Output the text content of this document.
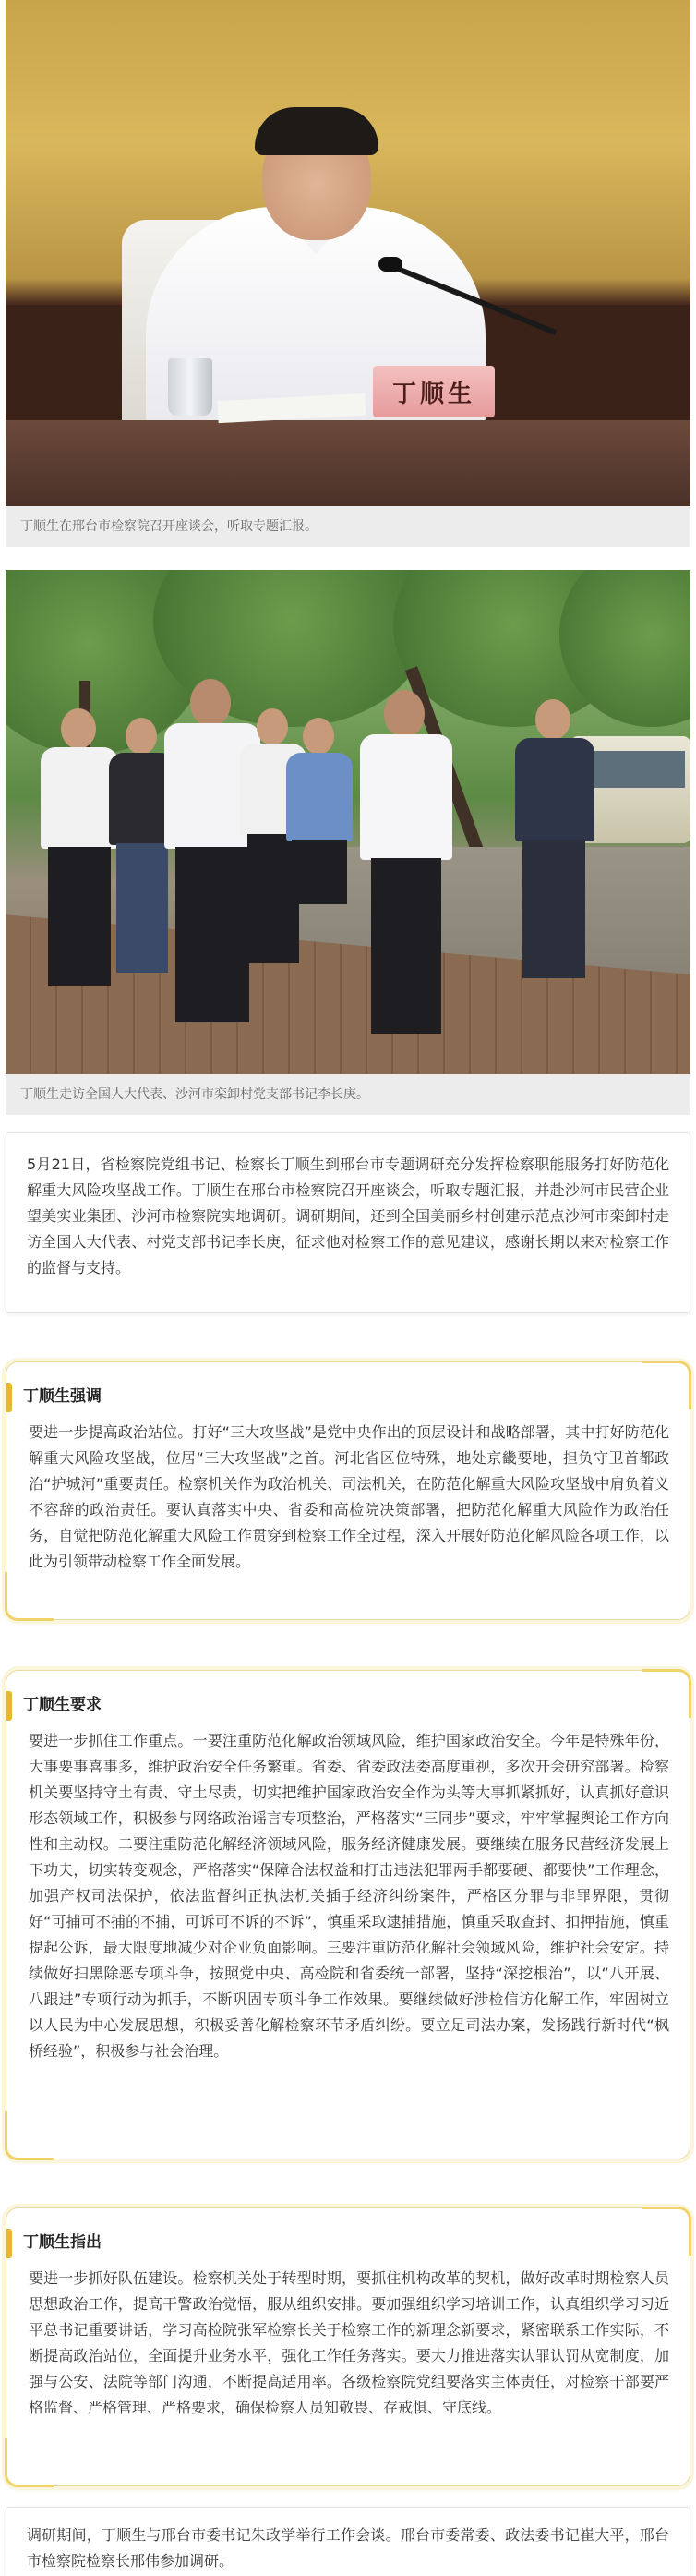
丁顺生
丁顺生在邢台市检察院召开座谈会，听取专题汇报。
丁顺生走访全国人大代表、沙河市栾卸村党支部书记李长庚。
5月21日，省检察院党组书记、检察长丁顺生到邢台市专题调研充分发挥检察职能服务打好防范化解重大风险攻坚战工作。丁顺生在邢台市检察院召开座谈会，听取专题汇报，并赴沙河市民营企业望美实业集团、沙河市检察院实地调研。调研期间，还到全国美丽乡村创建示范点沙河市栾卸村走访全国人大代表、村党支部书记李长庚，征求他对检察工作的意见建议，感谢长期以来对检察工作的监督与支持。
丁顺生强调
要进一步提高政治站位。打好“三大攻坚战”是党中央作出的顶层设计和战略部署，其中打好防范化解重大风险攻坚战，位居“三大攻坚战”之首。河北省区位特殊，地处京畿要地，担负守卫首都政治“护城河”重要责任。检察机关作为政治机关、司法机关，在防范化解重大风险攻坚战中肩负着义不容辞的政治责任。要认真落实中央、省委和高检院决策部署，把防范化解重大风险作为政治任务，自觉把防范化解重大风险工作贯穿到检察工作全过程，深入开展好防范化解风险各项工作，以此为引领带动检察工作全面发展。
丁顺生要求
要进一步抓住工作重点。一要注重防范化解政治领域风险，维护国家政治安全。今年是特殊年份，大事要事喜事多，维护政治安全任务繁重。省委、省委政法委高度重视，多次开会研究部署。检察机关要坚持守土有责、守土尽责，切实把维护国家政治安全作为头等大事抓紧抓好，认真抓好意识形态领域工作，积极参与网络政治谣言专项整治，严格落实“三同步”要求，牢牢掌握舆论工作方向性和主动权。二要注重防范化解经济领域风险，服务经济健康发展。要继续在服务民营经济发展上下功夫，切实转变观念，严格落实“保障合法权益和打击违法犯罪两手都要硬、都要快”工作理念，加强产权司法保护，依法监督纠正执法机关插手经济纠纷案件，严格区分罪与非罪界限，贯彻好“可捕可不捕的不捕，可诉可不诉的不诉”，慎重采取逮捕措施，慎重采取查封、扣押措施，慎重提起公诉，最大限度地减少对企业负面影响。三要注重防范化解社会领域风险，维护社会安定。持续做好扫黑除恶专项斗争，按照党中央、高检院和省委统一部署，坚持“深挖根治”，以“八开展、八跟进”专项行动为抓手，不断巩固专项斗争工作效果。要继续做好涉检信访化解工作，牢固树立以人民为中心发展思想，积极妥善化解检察环节矛盾纠纷。要立足司法办案，发扬践行新时代“枫桥经验”，积极参与社会治理。
丁顺生指出
要进一步抓好队伍建设。检察机关处于转型时期，要抓住机构改革的契机，做好改革时期检察人员思想政治工作，提高干警政治觉悟，服从组织安排。要加强组织学习培训工作，认真组织学习习近平总书记重要讲话，学习高检院张军检察长关于检察工作的新理念新要求，紧密联系工作实际，不断提高政治站位，全面提升业务水平，强化工作任务落实。要大力推进落实认罪认罚从宽制度，加强与公安、法院等部门沟通，不断提高适用率。各级检察院党组要落实主体责任，对检察干部要严格监督、严格管理、严格要求，确保检察人员知敬畏、存戒惧、守底线。
调研期间，丁顺生与邢台市委书记朱政学举行工作会谈。邢台市委常委、政法委书记崔大平，邢台市检察院检察长邢伟参加调研。
